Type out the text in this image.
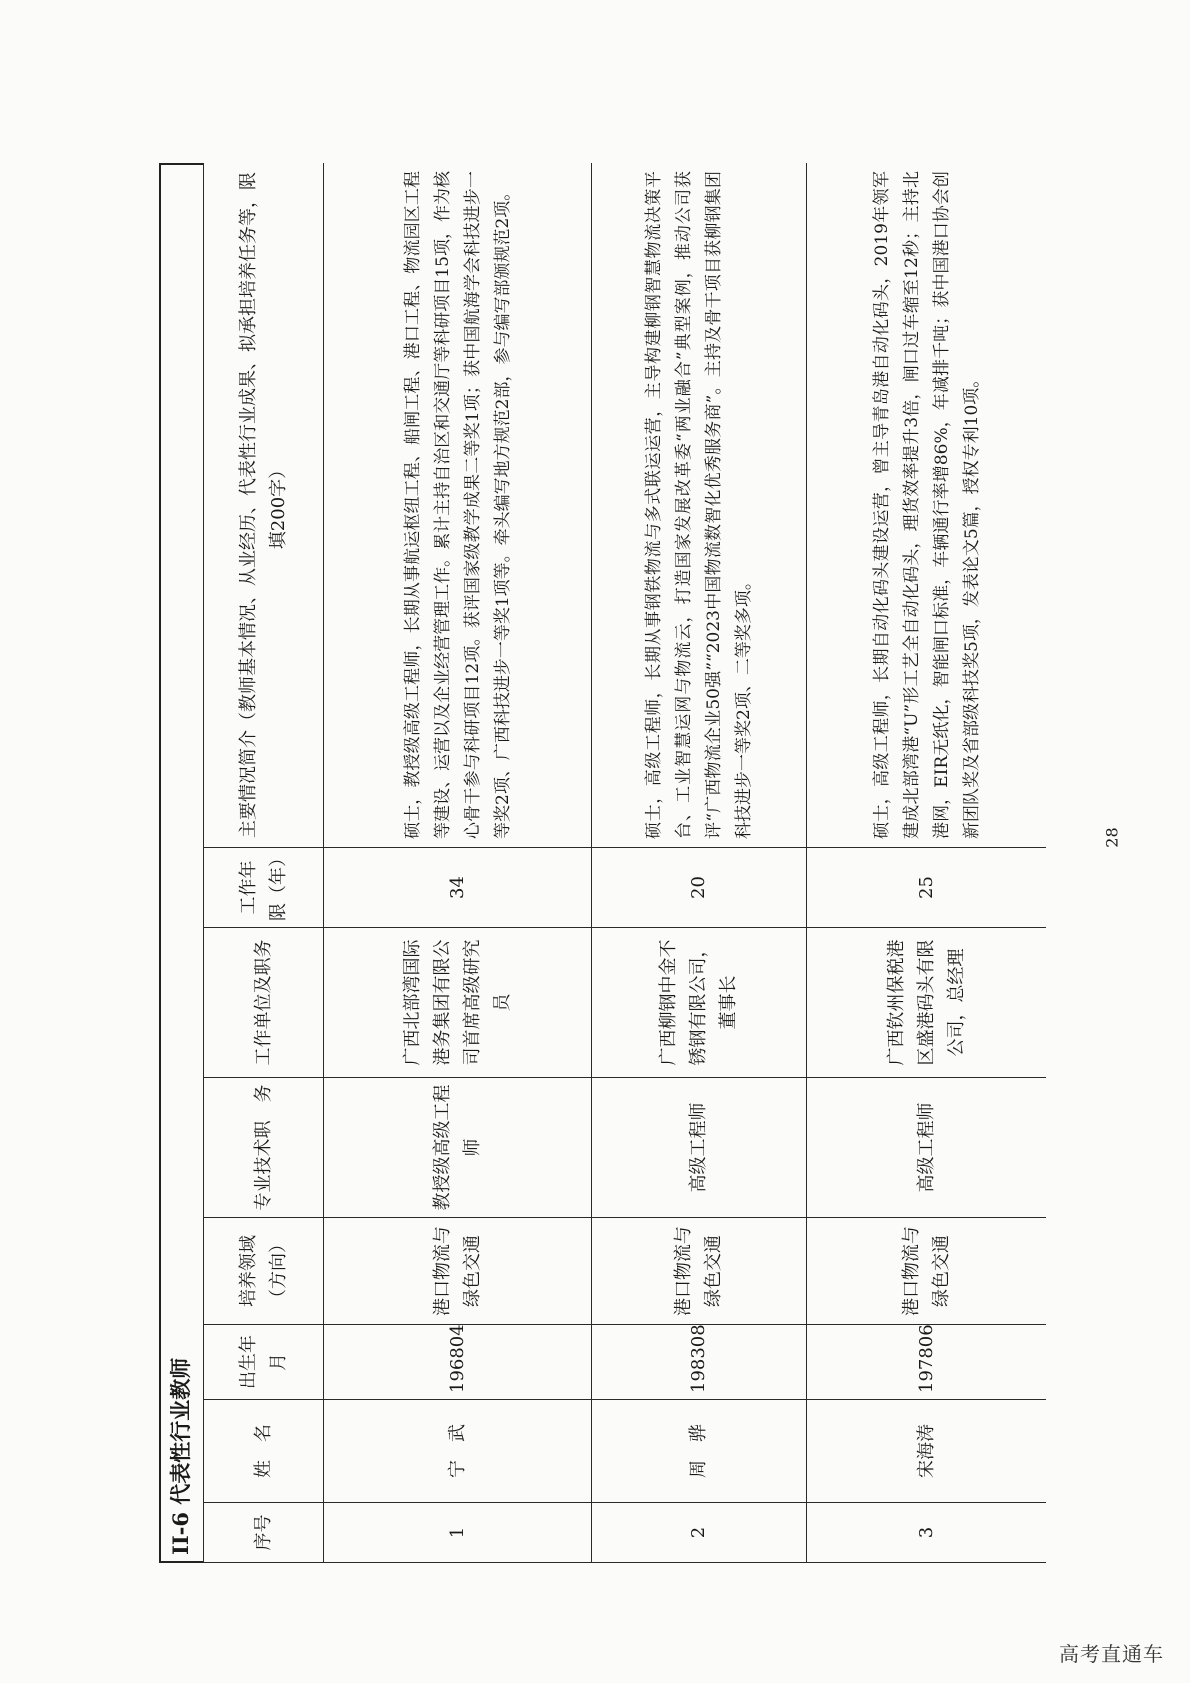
II-6 代表性行业教师	序号	姓　名	出生年月	培养领域（方向）	专业技术职　务	工作单位及职务	工作年限（年）	主要情况简介（教师基本情况、从业经历、代表性行业成果、拟承担培养任务等，限填200字）
1	宁　武	196804	港口物流与绿色交通	教授级高级工程师	广西北部湾国际港务集团有限公司首席高级研究员	34	硕士，教授级高级工程师，长期从事航运枢纽工程、船闸工程、港口工程、物流园区工程等建设、运营以及企业经营管理工作。累计主持自治区和交通厅等科研项目15项，作为核心骨干参与科研项目12项。获评国家级教学成果二等奖1项；获中国航海学会科技进步一等奖2项、广西科技进步一等奖1项等。牵头编写地方规范2部，参与编写部颁规范2项。
2	周　骅	198308	港口物流与绿色交通	高级工程师	广西柳钢中金不锈钢有限公司，董事长	20	硕士，高级工程师，长期从事钢铁物流与多式联运运营，主导构建柳钢智慧物流决策平台、工业智慧运网与物流云，打造国家发展改革委“两业融合”典型案例，推动公司获评“广西物流企业50强”“2023中国物流数智化优秀服务商”。主持及骨干项目获柳钢集团科技进步一等奖2项、二等奖多项。
3	宋海涛	197806	港口物流与绿色交通	高级工程师	广西钦州保税港区盛港码头有限公司，总经理	25	硕士，高级工程师，长期自动化码头建设运营，曾主导青岛港自动化码头，2019年领军建成北部湾港“U”形工艺全自动化码头，理货效率提升3倍，闸口过车缩至12秒；主持北港网，EIR无纸化，智能闸口标准，车辆通行率增86%，年减排千吨；获中国港口协会创新团队奖及省部级科技奖5项，发表论文5篇，授权专利10项。	28
高考直通车
